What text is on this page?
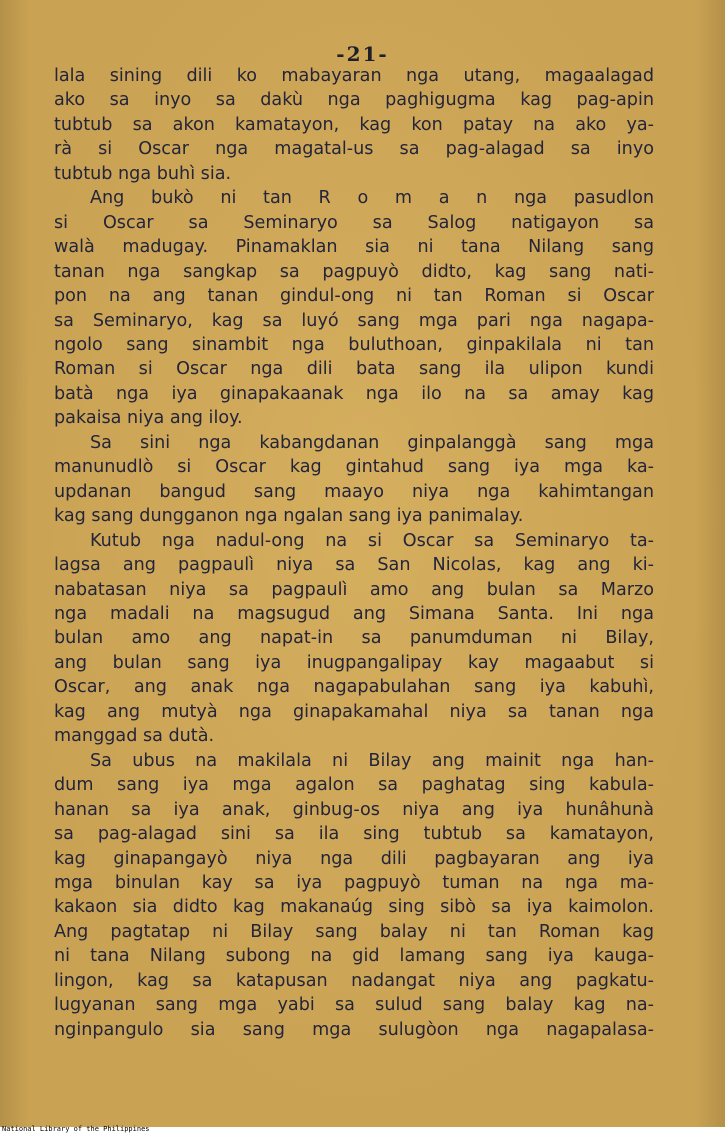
-21-
lala sining dili ko mabayaran nga utang, magaalagad
ako sa inyo sa dakù nga paghigugma kag pag-apin
tubtub sa akon kamatayon, kag kon patay na ako ya-
rà si Oscar nga magatal-us sa pag-alagad sa inyo
tubtub nga buhì sia.
Ang bukò ni tan R o m a n nga pasudlon
si Oscar sa Seminaryo sa Salog natigayon sa
walà madugay. Pinamaklan sia ni tana Nilang sang
tanan nga sangkap sa pagpuyò didto, kag sang nati-
pon na ang tanan gindul-ong ni tan Roman si Oscar
sa Seminaryo, kag sa luyó sang mga pari nga nagapa-
ngolo sang sinambit nga buluthoan, ginpakilala ni tan
Roman si Oscar nga dili bata sang ila ulipon kundi
batà nga iya ginapakaanak nga ilo na sa amay kag
pakaisa niya ang iloy.
Sa sini nga kabangdanan ginpalanggà sang mga
manunudlò si Oscar kag gintahud sang iya mga ka-
updanan bangud sang maayo niya nga kahimtangan
kag sang dungganon nga ngalan sang iya panimalay.
Kutub nga nadul-ong na si Oscar sa Seminaryo ta-
lagsa ang pagpaulì niya sa San Nicolas, kag ang ki-
nabatasan niya sa pagpaulì amo ang bulan sa Marzo
nga madali na magsugud ang Simana Santa. Ini nga
bulan amo ang napat-in sa panumduman ni Bilay,
ang bulan sang iya inugpangalipay kay magaabut si
Oscar, ang anak nga nagapabulahan sang iya kabuhì,
kag ang mutyà nga ginapakamahal niya sa tanan nga
manggad sa dutà.
Sa ubus na makilala ni Bilay ang mainit nga han-
dum sang iya mga agalon sa paghatag sing kabula-
hanan sa iya anak, ginbug-os niya ang iya hunâhunà
sa pag-alagad sini sa ila sing tubtub sa kamatayon,
kag ginapangayò niya nga dili pagbayaran ang iya
mga binulan kay sa iya pagpuyò tuman na nga ma-
kakaon sia didto kag makanaúg sing sibò sa iya kaimolon.
Ang pagtatap ni Bilay sang balay ni tan Roman kag
ni tana Nilang subong na gid lamang sang iya kauga-
lingon, kag sa katapusan nadangat niya ang pagkatu-
lugyanan sang mga yabi sa sulud sang balay kag na-
nginpangulo sia sang mga sulugòon nga nagapalasa-
National Library of the Philippines
